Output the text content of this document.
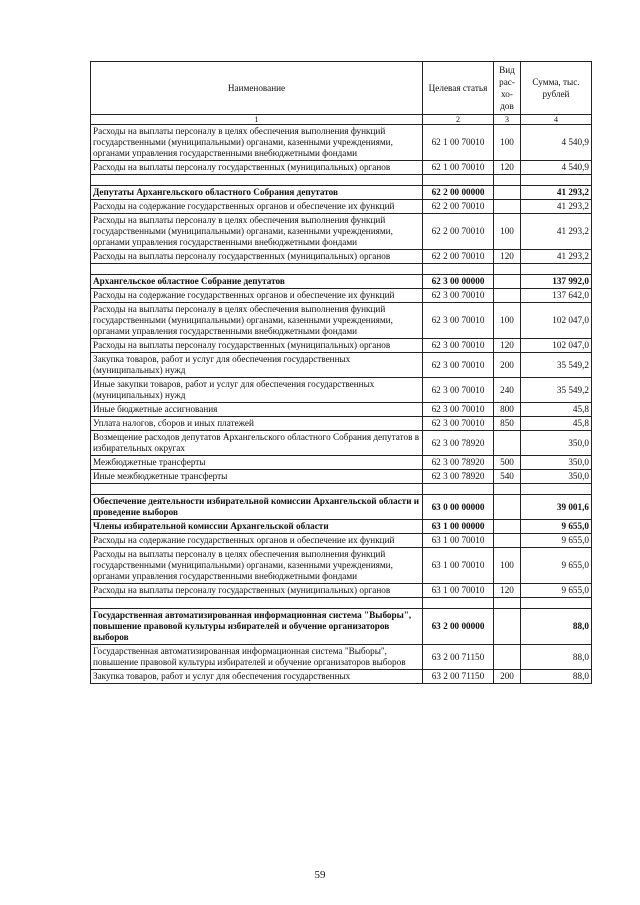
Наименование	Целевая статья	Вид рас-хо-дов	Сумма, тыс. рублей
1	2	3	4
Расходы на выплаты персоналу в целях обеспечения выполнения функций государственными (муниципальными) органами, казенными учреждениями, органами управления государственными внебюджетными фондами	62 1 00 70010	100	4 540,9
Расходы на выплаты персоналу государственных (муниципальных) органов	62 1 00 70010	120	4 540,9

Депутаты Архангельского областного Собрания депутатов	62 2 00 00000		41 293,2
Расходы на содержание государственных органов и обеспечение их функций	62 2 00 70010		41 293,2
Расходы на выплаты персоналу в целях обеспечения выполнения функций государственными (муниципальными) органами, казенными учреждениями, органами управления государственными внебюджетными фондами	62 2 00 70010	100	41 293,2
Расходы на выплаты персоналу государственных (муниципальных) органов	62 2 00 70010	120	41 293,2

Архангельское областное Собрание депутатов	62 3 00 00000		137 992,0
Расходы на содержание государственных органов и обеспечение их функций	62 3 00 70010		137 642,0
Расходы на выплаты персоналу в целях обеспечения выполнения функций государственными (муниципальными) органами, казенными учреждениями, органами управления государственными внебюджетными фондами	62 3 00 70010	100	102 047,0
Расходы на выплаты персоналу государственных (муниципальных) органов	62 3 00 70010	120	102 047,0
Закупка товаров, работ и услуг для обеспечения государственных (муниципальных) нужд	62 3 00 70010	200	35 549,2
Иные закупки товаров, работ и услуг для обеспечения государственных (муниципальных) нужд	62 3 00 70010	240	35 549,2
Иные бюджетные ассигнования	62 3 00 70010	800	45,8
Уплата налогов, сборов и иных платежей	62 3 00 70010	850	45,8
Возмещение расходов депутатов Архангельского областного Собрания депутатов в избирательных округах	62 3 00 78920		350,0
Межбюджетные трансферты	62 3 00 78920	500	350,0
Иные межбюджетные трансферты	62 3 00 78920	540	350,0

Обеспечение деятельности избирательной комиссии Архангельской области и проведение выборов	63 0 00 00000		39 001,6
Члены избирательной комиссии Архангельской области	63 1 00 00000		9 655,0
Расходы на содержание государственных органов и обеспечение их функций	63 1 00 70010		9 655,0
Расходы на выплаты персоналу в целях обеспечения выполнения функций государственными (муниципальными) органами, казенными учреждениями, органами управления государственными внебюджетными фондами	63 1 00 70010	100	9 655,0
Расходы на выплаты персоналу государственных (муниципальных) органов	63 1 00 70010	120	9 655,0

Государственная автоматизированная информационная система "Выборы", повышение правовой культуры избирателей и обучение организаторов выборов	63 2 00 00000		88,0
Государственная автоматизированная информационная система "Выборы", повышение правовой культуры избирателей и обучение организаторов выборов	63 2 00 71150		88,0
Закупка товаров, работ и услуг для обеспечения государственных	63 2 00 71150	200	88,0
59
